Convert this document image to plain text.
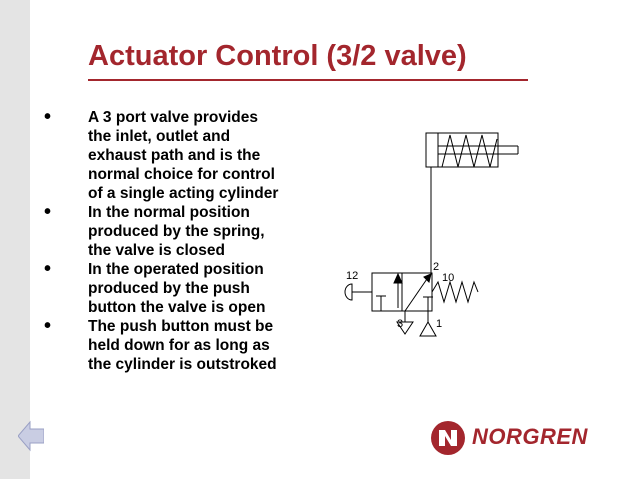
Actuator Control (3/2 valve)
• A 3 port valve provides
the inlet, outlet and
exhaust path and is the
normal choice for control
of a single acting cylinder
• In the normal position
produced by the spring,
the valve is closed
• In the operated position
produced by the push
button the valve is open
• The push button must be
held down for as long as
the cylinder is outstroked
12
2
10
3	1
NORGREN
